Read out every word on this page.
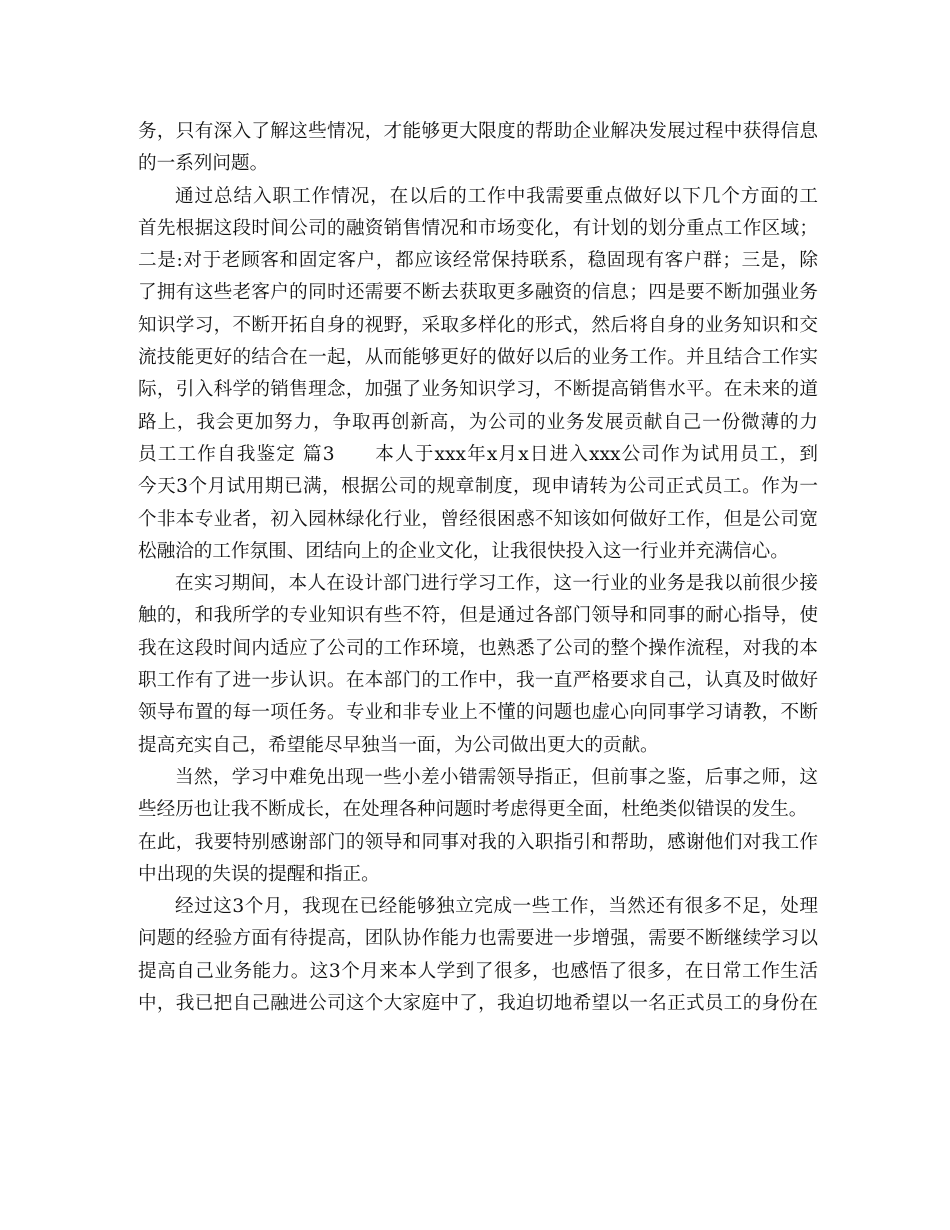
务，只有深入了解这些情况，才能够更大限度的帮助企业解决发展过程中获得信息
的一系列问题。
通过总结入职工作情况，在以后的工作中我需要重点做好以下几个方面的工
首先根据这段时间公司的融资销售情况和市场变化，有计划的划分重点工作区域；
二是:对于老顾客和固定客户，都应该经常保持联系，稳固现有客户群；三是，除
了拥有这些老客户的同时还需要不断去获取更多融资的信息；四是要不断加强业务
知识学习，不断开拓自身的视野，采取多样化的形式，然后将自身的业务知识和交
流技能更好的结合在一起，从而能够更好的做好以后的业务工作。并且结合工作实
际，引入科学的销售理念，加强了业务知识学习，不断提高销售水平。在未来的道
路上，我会更加努力，争取再创新高，为公司的业务发展贡献自己一份微薄的力
员工工作自我鉴定 篇3　　本人于xxx年x月x日进入xxx公司作为试用员工，到
今天3个月试用期已满，根据公司的规章制度，现申请转为公司正式员工。作为一
个非本专业者，初入园林绿化行业，曾经很困惑不知该如何做好工作，但是公司宽
松融洽的工作氛围、团结向上的企业文化，让我很快投入这一行业并充满信心。
在实习期间，本人在设计部门进行学习工作，这一行业的业务是我以前很少接
触的，和我所学的专业知识有些不符，但是通过各部门领导和同事的耐心指导，使
我在这段时间内适应了公司的工作环境，也熟悉了公司的整个操作流程，对我的本
职工作有了进一步认识。在本部门的工作中，我一直严格要求自己，认真及时做好
领导布置的每一项任务。专业和非专业上不懂的问题也虚心向同事学习请教，不断
提高充实自己，希望能尽早独当一面，为公司做出更大的贡献。
当然，学习中难免出现一些小差小错需领导指正，但前事之鉴，后事之师，这
些经历也让我不断成长，在处理各种问题时考虑得更全面，杜绝类似错误的发生。
在此，我要特别感谢部门的领导和同事对我的入职指引和帮助，感谢他们对我工作
中出现的失误的提醒和指正。
经过这3个月，我现在已经能够独立完成一些工作，当然还有很多不足，处理
问题的经验方面有待提高，团队协作能力也需要进一步增强，需要不断继续学习以
提高自己业务能力。这3个月来本人学到了很多，也感悟了很多，在日常工作生活
中，我已把自己融进公司这个大家庭中了，我迫切地希望以一名正式员工的身份在
